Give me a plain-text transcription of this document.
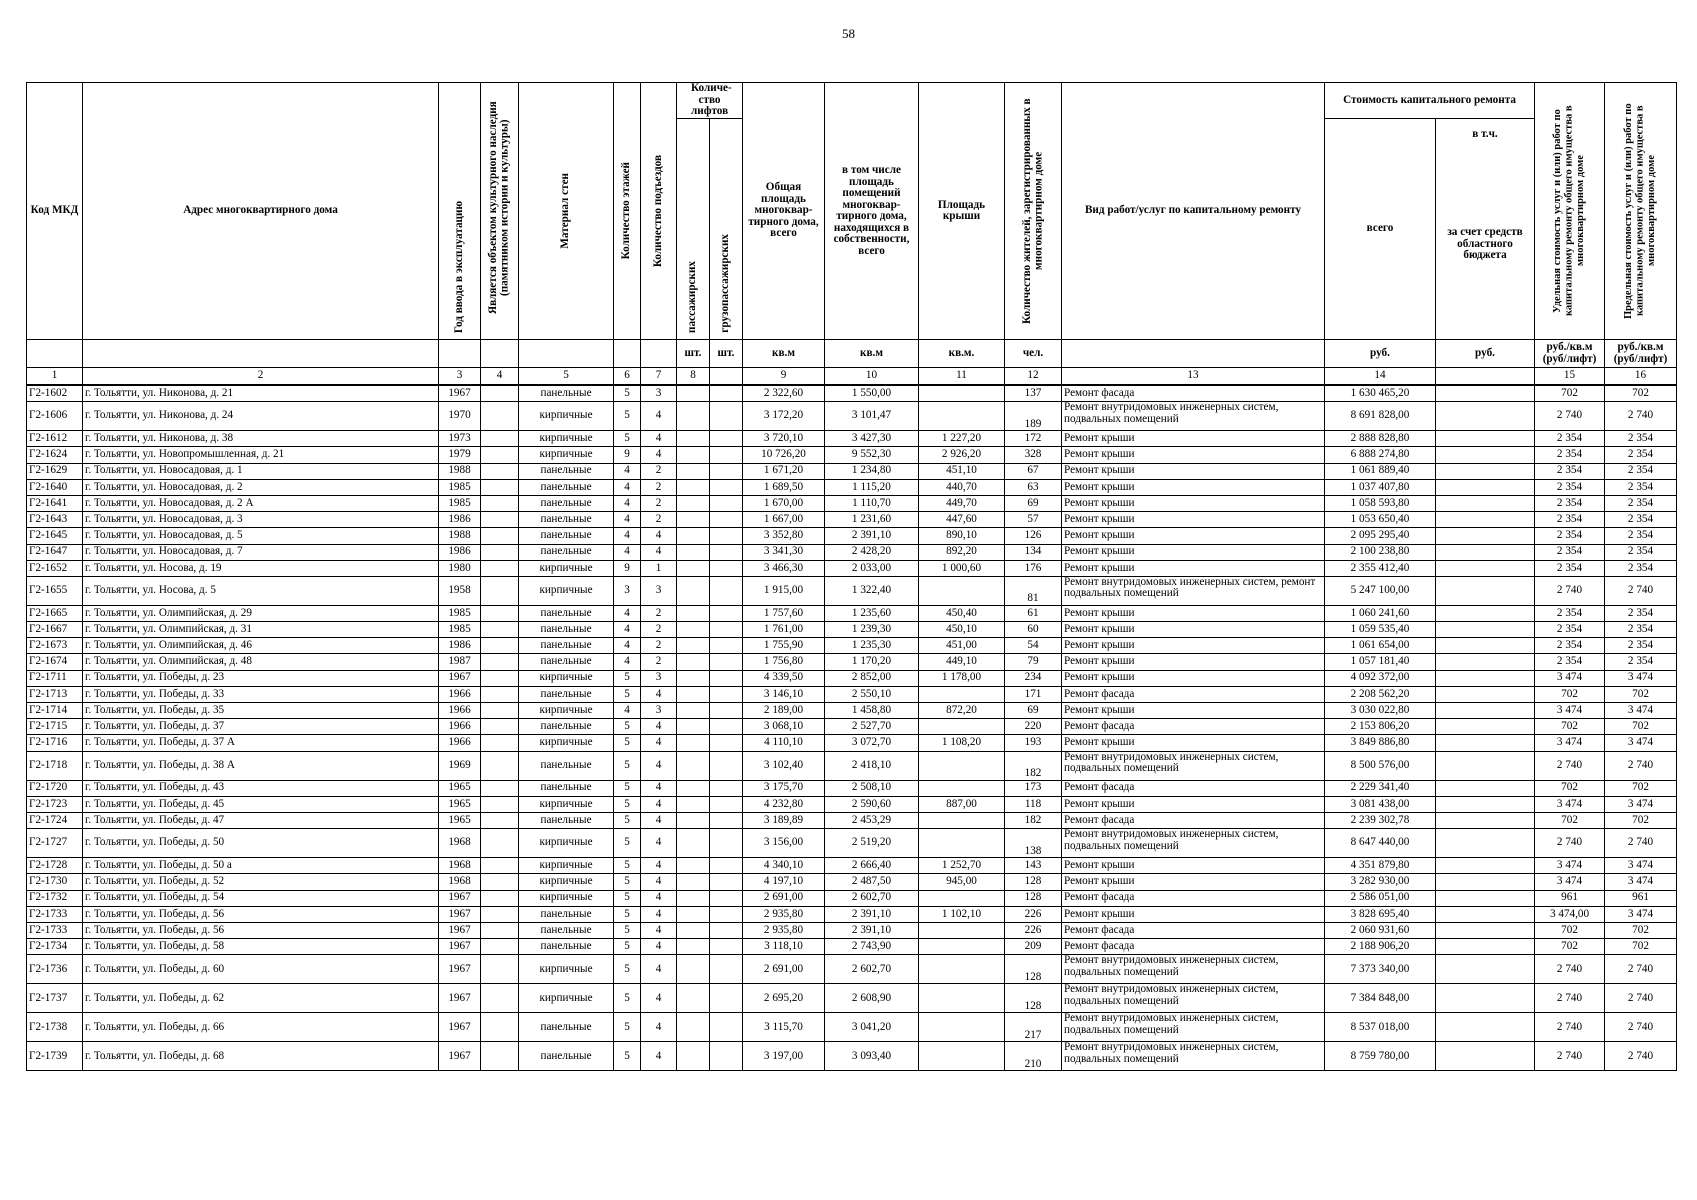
58
Код МКД	Адрес многоквартирного дома	Год ввода в эксплуатацию	Является объектом культурного наследия (памятником истории и культуры)	Материал стен	Количество этажей	Количество подъездов	Количе-ство лифтов		Общая площадь многоквар-тирного дома, всего	в том числе площадь помещений многоквар-тирного дома, находящихся в собственности, всего	Площадь крыши	Количество жителей, зарегистрированных в многоквартирном доме	Вид работ/услуг по капитальному ремонту	Стоимость капитального ремонта		Удельная стоимость услуг и (или) работ по капитальному ремонту общего имущества в многоквартирном доме	Предельная стоимость услуг и (или) работ по капитальному ремонту общего имущества в многоквартирном доме

							пассажирских	грузопассажирских						всего	в т.ч.		
															за счет средств областного бюджета		
							шт.	шт.	кв.м	кв.м	кв.м.	чел.		руб.	руб.	руб./кв.м (руб/лифт)	руб./кв.м (руб/лифт)
1	2	3	4	5	6	7	8		9	10	11	12	13	14		15	16
Г2-1602	г. Тольятти, ул. Никонова, д. 21	1967		панельные	5	3			2 322,60	1 550,00		137	Ремонт фасада	1 630 465,20		702	702
Г2-1606	г. Тольятти, ул. Никонова, д. 24	1970		кирпичные	5	4			3 172,20	3 101,47		189	Ремонт внутридомовых инженерных систем, подвальных помещений	8 691 828,00		2 740	2 740
Г2-1612	г. Тольятти, ул. Никонова, д. 38	1973		кирпичные	5	4			3 720,10	3 427,30	1 227,20	172	Ремонт крыши	2 888 828,80		2 354	2 354
Г2-1624	г. Тольятти, ул. Новопромышленная, д. 21	1979		кирпичные	9	4			10 726,20	9 552,30	2 926,20	328	Ремонт крыши	6 888 274,80		2 354	2 354
Г2-1629	г. Тольятти, ул. Новосадовая, д. 1	1988		панельные	4	2			1 671,20	1 234,80	451,10	67	Ремонт крыши	1 061 889,40		2 354	2 354
Г2-1640	г. Тольятти, ул. Новосадовая, д. 2	1985		панельные	4	2			1 689,50	1 115,20	440,70	63	Ремонт крыши	1 037 407,80		2 354	2 354
Г2-1641	г. Тольятти, ул. Новосадовая, д. 2 А	1985		панельные	4	2			1 670,00	1 110,70	449,70	69	Ремонт крыши	1 058 593,80		2 354	2 354
Г2-1643	г. Тольятти, ул. Новосадовая, д. 3	1986		панельные	4	2			1 667,00	1 231,60	447,60	57	Ремонт крыши	1 053 650,40		2 354	2 354
Г2-1645	г. Тольятти, ул. Новосадовая, д. 5	1988		панельные	4	4			3 352,80	2 391,10	890,10	126	Ремонт крыши	2 095 295,40		2 354	2 354
Г2-1647	г. Тольятти, ул. Новосадовая, д. 7	1986		панельные	4	4			3 341,30	2 428,20	892,20	134	Ремонт крыши	2 100 238,80		2 354	2 354
Г2-1652	г. Тольятти, ул. Носова, д. 19	1980		кирпичные	9	1			3 466,30	2 033,00	1 000,60	176	Ремонт крыши	2 355 412,40		2 354	2 354
Г2-1655	г. Тольятти, ул. Носова, д. 5	1958		кирпичные	3	3			1 915,00	1 322,40		81	Ремонт внутридомовых инженерных систем, ремонт подвальных помещений	5 247 100,00		2 740	2 740
Г2-1665	г. Тольятти, ул. Олимпийская, д. 29	1985		панельные	4	2			1 757,60	1 235,60	450,40	61	Ремонт крыши	1 060 241,60		2 354	2 354
Г2-1667	г. Тольятти, ул. Олимпийская, д. 31	1985		панельные	4	2			1 761,00	1 239,30	450,10	60	Ремонт крыши	1 059 535,40		2 354	2 354
Г2-1673	г. Тольятти, ул. Олимпийская, д. 46	1986		панельные	4	2			1 755,90	1 235,30	451,00	54	Ремонт крыши	1 061 654,00		2 354	2 354
Г2-1674	г. Тольятти, ул. Олимпийская, д. 48	1987		панельные	4	2			1 756,80	1 170,20	449,10	79	Ремонт крыши	1 057 181,40		2 354	2 354
Г2-1711	г. Тольятти, ул. Победы, д. 23	1967		кирпичные	5	3			4 339,50	2 852,00	1 178,00	234	Ремонт крыши	4 092 372,00		3 474	3 474
Г2-1713	г. Тольятти, ул. Победы, д. 33	1966		панельные	5	4			3 146,10	2 550,10		171	Ремонт фасада	2 208 562,20		702	702
Г2-1714	г. Тольятти, ул. Победы, д. 35	1966		кирпичные	4	3			2 189,00	1 458,80	872,20	69	Ремонт крыши	3 030 022,80		3 474	3 474
Г2-1715	г. Тольятти, ул. Победы, д. 37	1966		панельные	5	4			3 068,10	2 527,70		220	Ремонт фасада	2 153 806,20		702	702
Г2-1716	г. Тольятти, ул. Победы, д. 37 А	1966		кирпичные	5	4			4 110,10	3 072,70	1 108,20	193	Ремонт крыши	3 849 886,80		3 474	3 474
Г2-1718	г. Тольятти, ул. Победы, д. 38 А	1969		панельные	5	4			3 102,40	2 418,10		182	Ремонт внутридомовых инженерных систем, подвальных помещений	8 500 576,00		2 740	2 740
Г2-1720	г. Тольятти, ул. Победы, д. 43	1965		панельные	5	4			3 175,70	2 508,10		173	Ремонт фасада	2 229 341,40		702	702
Г2-1723	г. Тольятти, ул. Победы, д. 45	1965		кирпичные	5	4			4 232,80	2 590,60	887,00	118	Ремонт крыши	3 081 438,00		3 474	3 474
Г2-1724	г. Тольятти, ул. Победы, д. 47	1965		панельные	5	4			3 189,89	2 453,29		182	Ремонт фасада	2 239 302,78		702	702
Г2-1727	г. Тольятти, ул. Победы, д. 50	1968		кирпичные	5	4			3 156,00	2 519,20		138	Ремонт внутридомовых инженерных систем, подвальных помещений	8 647 440,00		2 740	2 740
Г2-1728	г. Тольятти, ул. Победы, д. 50 а	1968		кирпичные	5	4			4 340,10	2 666,40	1 252,70	143	Ремонт крыши	4 351 879,80		3 474	3 474
Г2-1730	г. Тольятти, ул. Победы, д. 52	1968		кирпичные	5	4			4 197,10	2 487,50	945,00	128	Ремонт крыши	3 282 930,00		3 474	3 474
Г2-1732	г. Тольятти, ул. Победы, д. 54	1967		кирпичные	5	4			2 691,00	2 602,70		128	Ремонт фасада	2 586 051,00		961	961
Г2-1733	г. Тольятти, ул. Победы, д. 56	1967		панельные	5	4			2 935,80	2 391,10	1 102,10	226	Ремонт крыши	3 828 695,40		3 474,00	3 474
Г2-1733	г. Тольятти, ул. Победы, д. 56	1967		панельные	5	4			2 935,80	2 391,10		226	Ремонт фасада	2 060 931,60		702	702
Г2-1734	г. Тольятти, ул. Победы, д. 58	1967		панельные	5	4			3 118,10	2 743,90		209	Ремонт фасада	2 188 906,20		702	702
Г2-1736	г. Тольятти, ул. Победы, д. 60	1967		кирпичные	5	4			2 691,00	2 602,70		128	Ремонт внутридомовых инженерных систем, подвальных помещений	7 373 340,00		2 740	2 740
Г2-1737	г. Тольятти, ул. Победы, д. 62	1967		кирпичные	5	4			2 695,20	2 608,90		128	Ремонт внутридомовых инженерных систем, подвальных помещений	7 384 848,00		2 740	2 740
Г2-1738	г. Тольятти, ул. Победы, д. 66	1967		панельные	5	4			3 115,70	3 041,20		217	Ремонт внутридомовых инженерных систем, подвальных помещений	8 537 018,00		2 740	2 740
Г2-1739	г. Тольятти, ул. Победы, д. 68	1967		панельные	5	4			3 197,00	3 093,40		210	Ремонт внутридомовых инженерных систем, подвальных помещений	8 759 780,00		2 740	2 740
